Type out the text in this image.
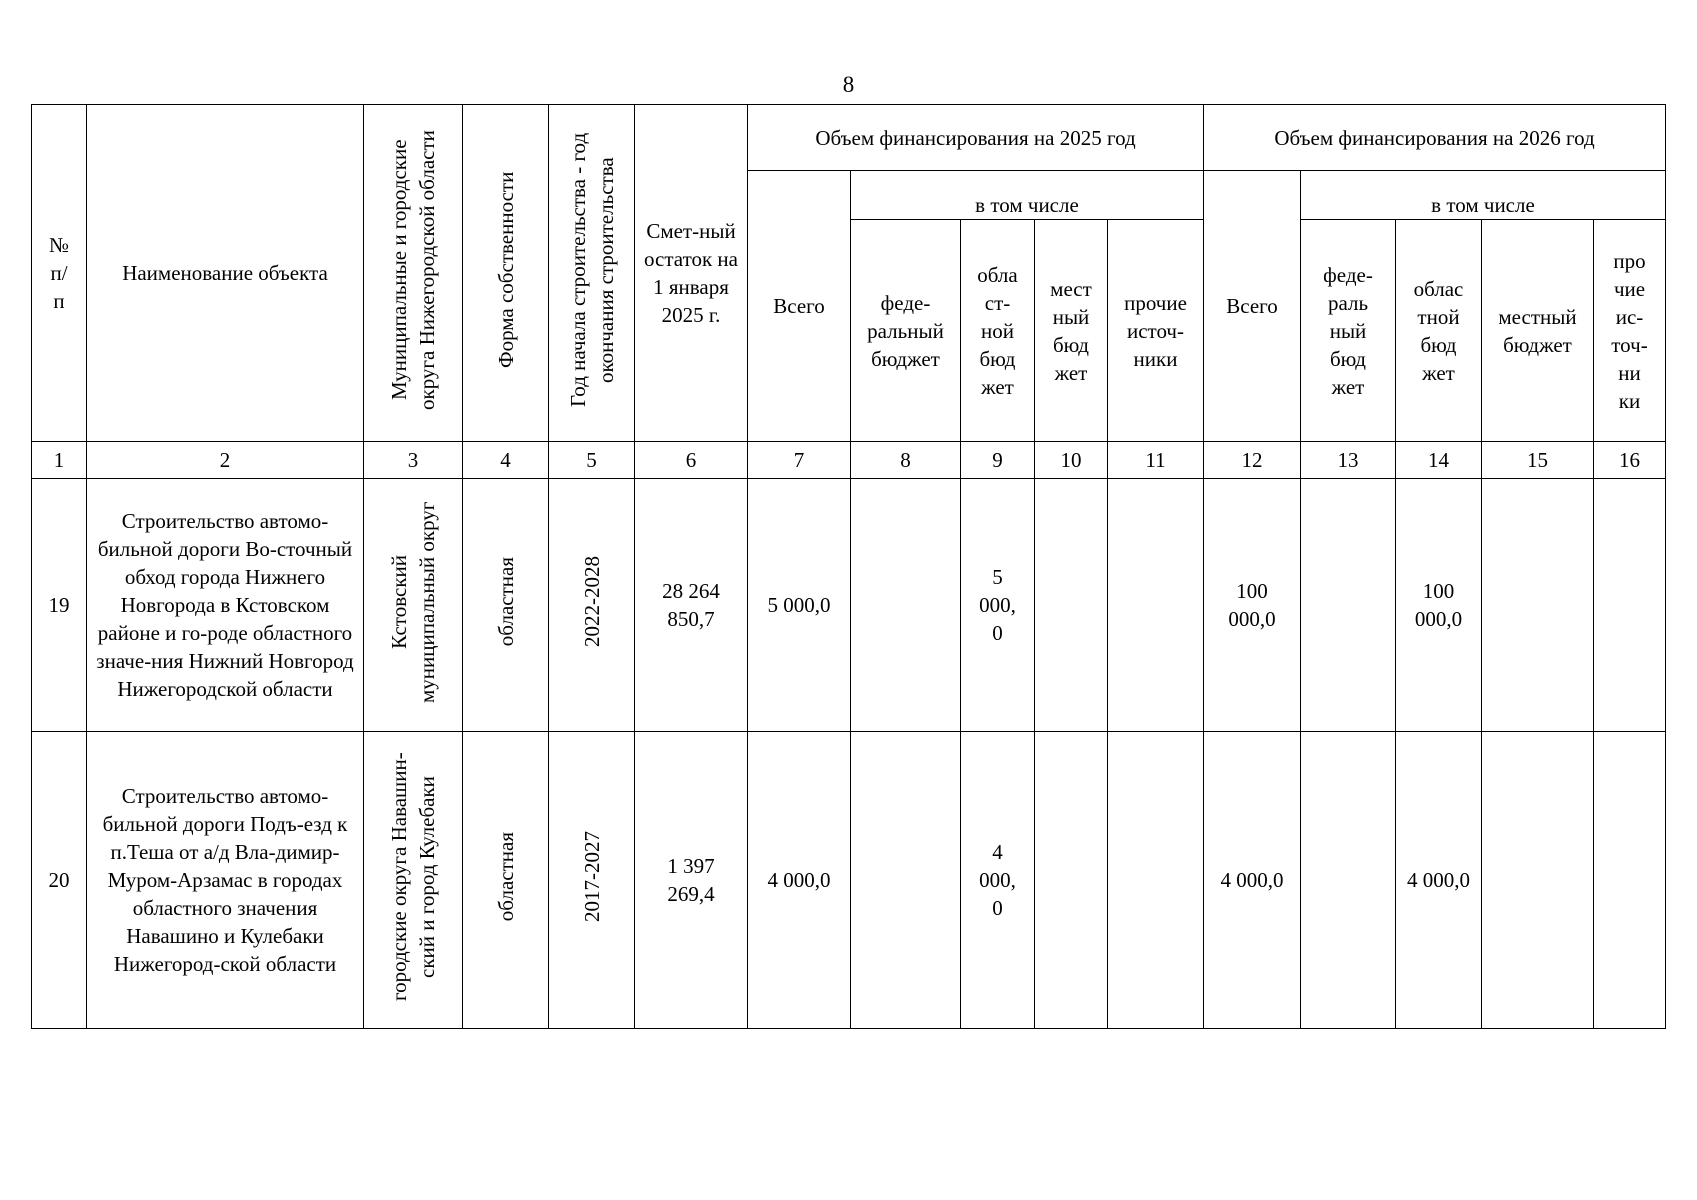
8
№ п/п	Наименование объекта	Муниципальные и городские округа Нижегородской области	Форма собственности	Год начала строительства - год окончания строительства	Смет-ный остаток на 1 января 2025 г.	Объем финансирования на 2025 год					Объем финансирования на 2026 год				
						Всего	в том числе				Всего	в том числе			

							феде-ральный бюджет	обла ст-ной бюд жет	мест ный бюд жет	прочие источ-ники		феде-раль ный бюд жет	облас тной бюд жет	местный бюджет	про чие ис-точ-ни ки

1	2	3	4	5	6	7	8	9	10	11	12	13	14	15	16
19	Строительство автомо-бильной дороги Во-сточный обход города Нижнего Новгорода в Кстовском районе и го-роде областного значе-ния Нижний Новгород Нижегородской области	Кстовский муниципальный округ	областная	2022-2028	28 264 850,7	5 000,0		5 000, 0			100 000,0		100 000,0		

20	Строительство автомо-бильной дороги Подъ-езд к п.Теша от а/д Вла-димир-Муром-Арзамас в городах областного значения Навашино и Кулебаки Нижегород-ской области	городские округа Навашин-ский и город Кулебаки	областная	2017-2027	1 397 269,4	4 000,0		4 000, 0			4 000,0		4 000,0		
